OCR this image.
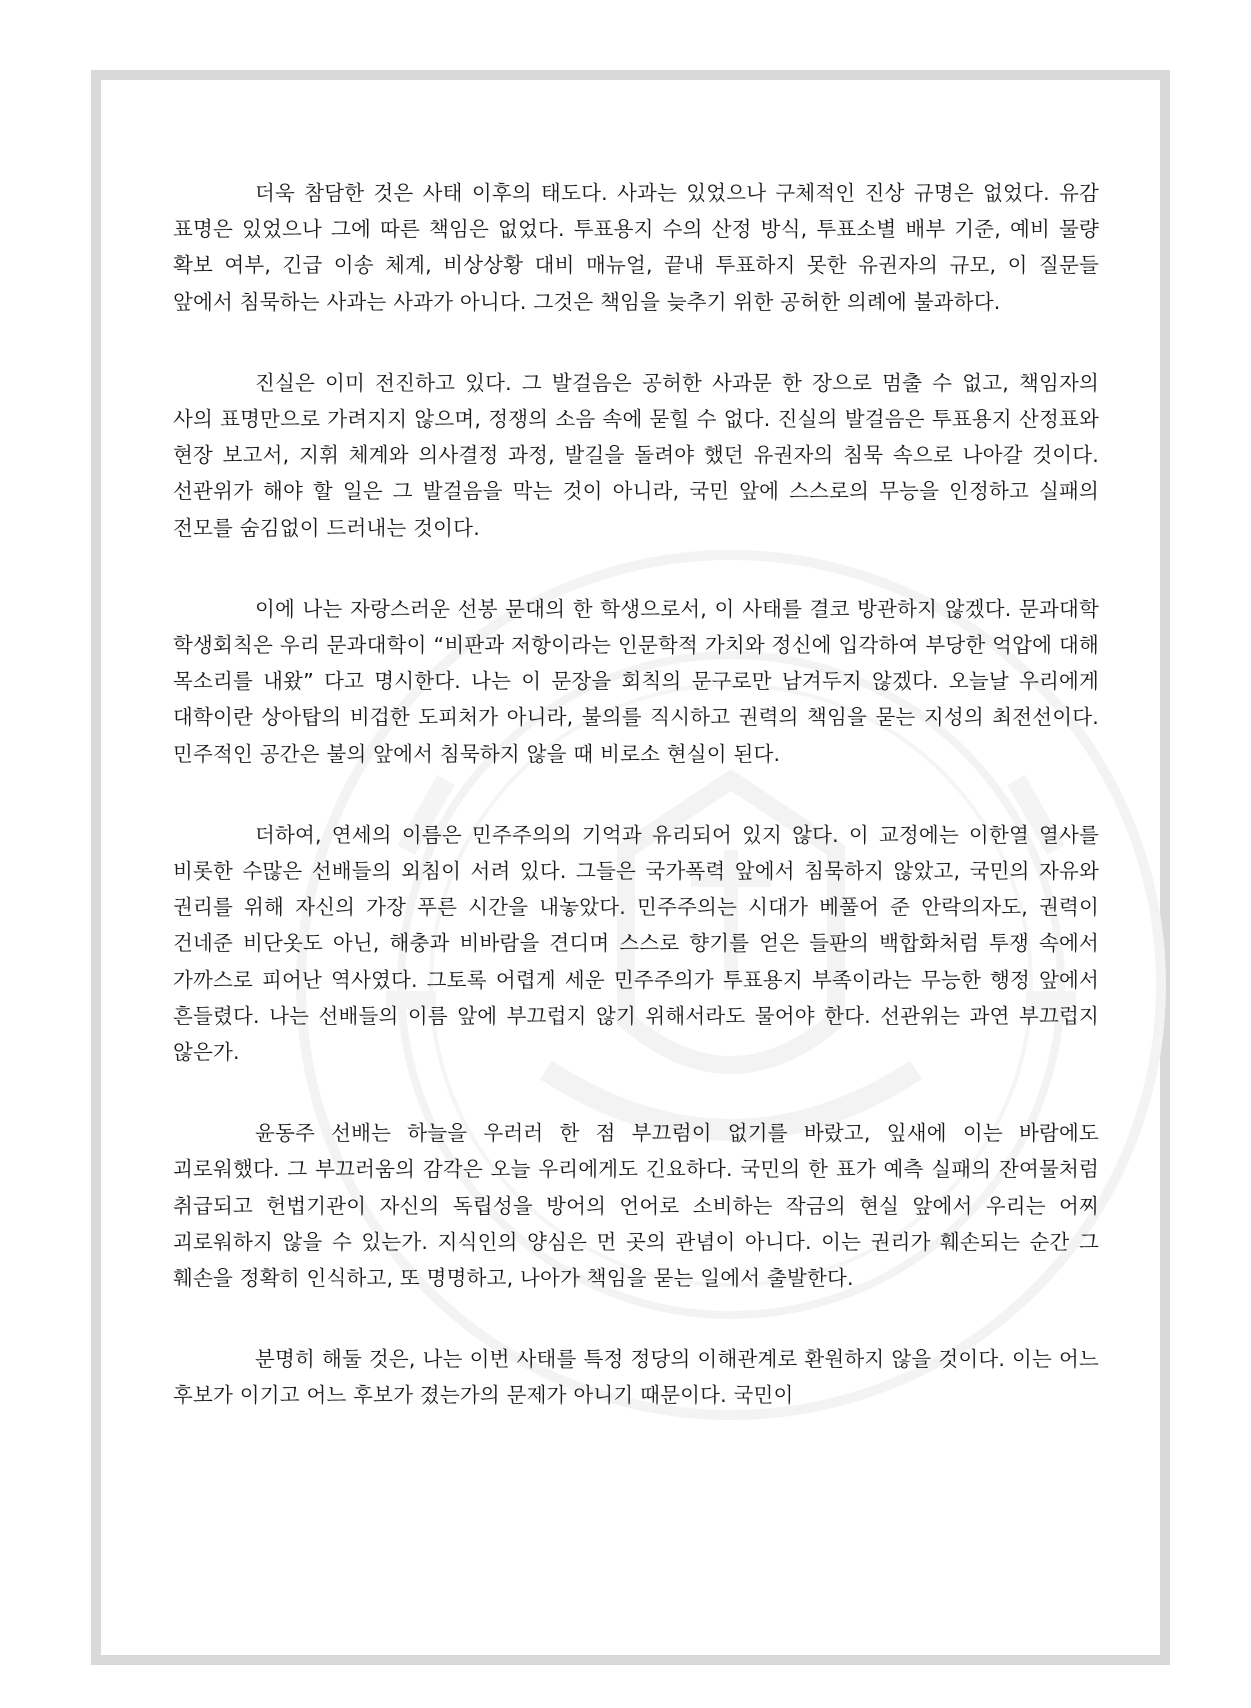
더욱 참담한 것은 사태 이후의 태도다. 사과는 있었으나 구체적인 진상 규명은 없었다. 유감 표명은 있었으나 그에 따른 책임은 없었다. 투표용지 수의 산정 방식, 투표소별 배부 기준, 예비 물량 확보 여부, 긴급 이송 체계, 비상상황 대비 매뉴얼, 끝내 투표하지 못한 유권자의 규모, 이 질문들 앞에서 침묵하는 사과는 사과가 아니다. 그것은 책임을 늦추기 위한 공허한 의례에 불과하다.

진실은 이미 전진하고 있다. 그 발걸음은 공허한 사과문 한 장으로 멈출 수 없고, 책임자의 사의 표명만으로 가려지지 않으며, 정쟁의 소음 속에 묻힐 수 없다. 진실의 발걸음은 투표용지 산정표와 현장 보고서, 지휘 체계와 의사결정 과정, 발길을 돌려야 했던 유권자의 침묵 속으로 나아갈 것이다. 선관위가 해야 할 일은 그 발걸음을 막는 것이 아니라, 국민 앞에 스스로의 무능을 인정하고 실패의 전모를 숨김없이 드러내는 것이다.

이에 나는 자랑스러운 선봉 문대의 한 학생으로서, 이 사태를 결코 방관하지 않겠다. 문과대학 학생회칙은 우리 문과대학이 “비판과 저항이라는 인문학적 가치와 정신에 입각하여 부당한 억압에 대해 목소리를 내왔” 다고 명시한다. 나는 이 문장을 회칙의 문구로만 남겨두지 않겠다. 오늘날 우리에게 대학이란 상아탑의 비겁한 도피처가 아니라, 불의를 직시하고 권력의 책임을 묻는 지성의 최전선이다. 민주적인 공간은 불의 앞에서 침묵하지 않을 때 비로소 현실이 된다.

더하여, 연세의 이름은 민주주의의 기억과 유리되어 있지 않다. 이 교정에는 이한열 열사를 비롯한 수많은 선배들의 외침이 서려 있다. 그들은 국가폭력 앞에서 침묵하지 않았고, 국민의 자유와 권리를 위해 자신의 가장 푸른 시간을 내놓았다. 민주주의는 시대가 베풀어 준 안락의자도, 권력이 건네준 비단옷도 아닌, 해충과 비바람을 견디며 스스로 향기를 얻은 들판의 백합화처럼 투쟁 속에서 가까스로 피어난 역사였다. 그토록 어렵게 세운 민주주의가 투표용지 부족이라는 무능한 행정 앞에서 흔들렸다. 나는 선배들의 이름 앞에 부끄럽지 않기 위해서라도 물어야 한다. 선관위는 과연 부끄럽지 않은가.

윤동주 선배는 하늘을 우러러 한 점 부끄럼이 없기를 바랐고, 잎새에 이는 바람에도 괴로워했다. 그 부끄러움의 감각은 오늘 우리에게도 긴요하다. 국민의 한 표가 예측 실패의 잔여물처럼 취급되고 헌법기관이 자신의 독립성을 방어의 언어로 소비하는 작금의 현실 앞에서 우리는 어찌 괴로워하지 않을 수 있는가. 지식인의 양심은 먼 곳의 관념이 아니다. 이는 권리가 훼손되는 순간 그 훼손을 정확히 인식하고, 또 명명하고, 나아가 책임을 묻는 일에서 출발한다.

분명히 해둘 것은, 나는 이번 사태를 특정 정당의 이해관계로 환원하지 않을 것이다. 이는 어느 후보가 이기고 어느 후보가 졌는가의 문제가 아니기 때문이다. 국민이
